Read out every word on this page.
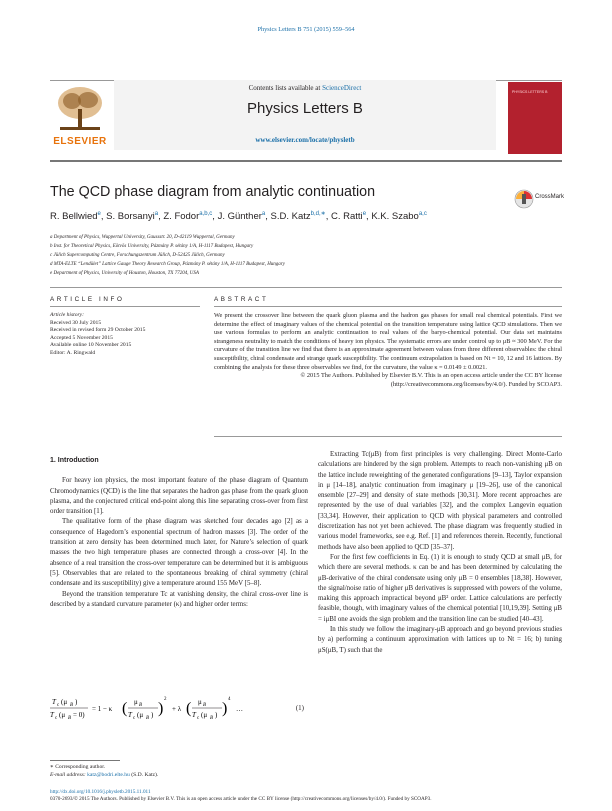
Physics Letters B 751 (2015) 559–564
ELSEVIER
Contents lists available at ScienceDirect
Physics Letters B
www.elsevier.com/locate/physletb
PHYSICS LETTERS B
The QCD phase diagram from analytic continuation	CrossMark
R. Bellwied$^e$, S. Borsanyi$^a$, Z. Fodor$^{a,b,c}$, J. Günther$^a$, S.D. Katz$^{b,d,∗}$, C. Ratti$^e$, K.K. Szabo$^{a,c}$
a Department of Physics, Wuppertal University, Gaussstr. 20, D-42119 Wuppertal, Germany
b Inst. for Theoretical Physics, Eötvös University, Pázmány P. sétány 1/A, H-1117 Budapest, Hungary
c Jülich Supercomputing Centre, Forschungszentrum Jülich, D-52425 Jülich, Germany
d MTA-ELTE “Lendület” Lattice Gauge Theory Research Group, Pázmány P. sétány 1/A, H-1117 Budapest, Hungary
e Department of Physics, University of Houston, Houston, TX 77204, USA
ARTICLE INFO	ABSTRACT
Article history:
Received 30 July 2015
Received in revised form 29 October 2015
Accepted 5 November 2015
Available online 10 November 2015
Editor: A. Ringwald
We present the crossover line between the quark gluon plasma and the hadron gas phases for small real chemical potentials. First we determine the effect of imaginary values of the chemical potential on the transition temperature using lattice QCD simulations. Then we use various formulas to perform an analytic continuation to real values of the baryo-chemical potential. Our data set maintains strangeness neutrality to match the conditions of heavy ion physics. The systematic errors are under control up to μB ≈ 300 MeV. For the curvature of the transition line we find that there is an approximate agreement between values from three different observables: the chiral susceptibility, chiral condensate and strange quark susceptibility. The continuum extrapolation is based on Nt = 10, 12 and 16 lattices. By combining the analysis for these three observables we find, for the curvature, the value κ = 0.0149 ± 0.0021.
© 2015 The Authors. Published by Elsevier B.V. This is an open access article under the CC BY license (http://creativecommons.org/licenses/by/4.0/). Funded by SCOAP3.
1. Introduction

For heavy ion physics, the most important feature of the phase diagram of Quantum Chromodynamics (QCD) is the line that separates the hadron gas phase from the quark gluon plasma, and the conjectured critical end-point along this line separating cross-over from first order transition [1].

The qualitative form of the phase diagram was sketched four decades ago [2] as a consequence of Hagedorn’s exponential spectrum of hadron masses [3]. The order of the transition at zero density has been determined much later, for Nature’s selection of quark masses the two high temperature phases are connected through a cross-over [4]. In the absence of a real transition the cross-over temperature can be determined but it is ambiguous [5]. Observables that are related to the spontaneous breaking of chiral symmetry (chiral condensate and its susceptibility) give a temperature around 155 MeV [5–8].

Beyond the transition temperature Tc at vanishing density, the chiral cross-over line is described by a standard curvature parameter (κ) and higher order terms:

T c (μ B )
T c (μ B = 0)
= 1 − κ ( μ B
T c (μ B ) )
2
+ λ ( μ B
T c (μ B ) )
4
…	(1)

Extracting Tc(μB) from first principles is very challenging. Direct Monte-Carlo calculations are hindered by the sign problem. Attempts to reach non-vanishing μB on the lattice include reweighting of the generated configurations [9–13], Taylor expansion in μ [14–18], analytic continuation from imaginary μ [19–26], use of the canonical ensemble [27–29] and density of state methods [30,31]. More recent approaches are represented by the use of dual variables [32], and the complex Langevin equation [33,34]. However, their application to QCD with physical parameters and controlled discretization has not yet been achieved. The phase diagram was frequently studied in various model frameworks, see e.g. Ref. [1] and references therein. Recently, functional methods have also been applied to QCD [35–37].

For the first few coefficients in Eq. (1) it is enough to study QCD at small μB, for which there are several methods. κ can be and has been determined by calculating the μB-derivative of the chiral condensate using only μB = 0 ensembles [18,38]. However, the signal/noise ratio of higher μB derivatives is suppressed with powers of the volume, making this approach impractical beyond μB² order. Lattice calculations are perfectly feasible, though, with imaginary values of the chemical potential [10,19,39]. Setting μB = iμBI one avoids the sign problem and the transition line can be studied [40–43].

In this study we follow the imaginary-μB approach and go beyond previous studies by a) performing a continuum approximation with lattices up to Nt = 16; b) tuning μS(μB, T) such that the

∗ Corresponding author.
E-mail address: katz@bodri.elte.hu (S.D. Katz).
http://dx.doi.org/10.1016/j.physletb.2015.11.011
0370-2693/© 2015 The Authors. Published by Elsevier B.V. This is an open access article under the CC BY license (http://creativecommons.org/licenses/by/4.0/). Funded by SCOAP3.
